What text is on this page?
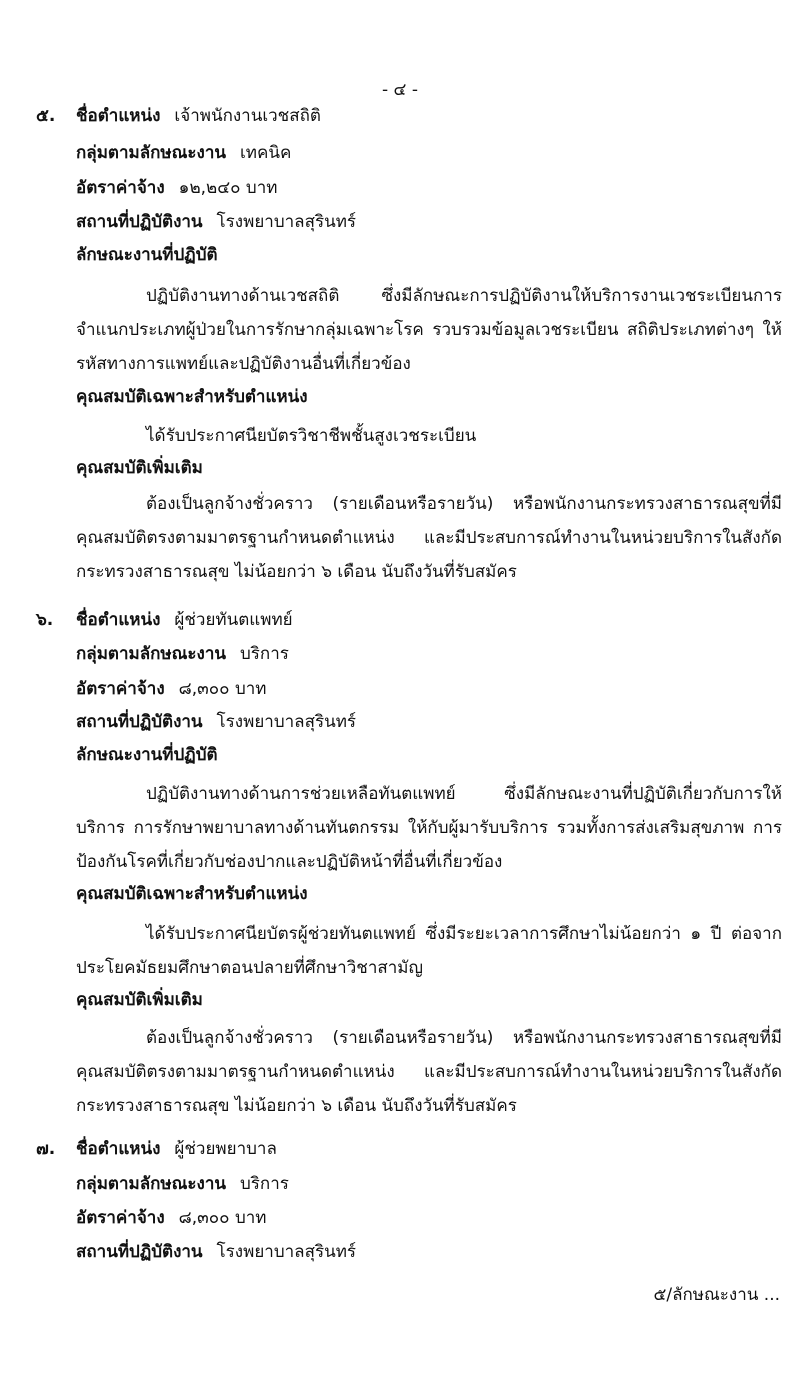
- ๔ -
๕. ชื่อตำแหน่ง เจ้าพนักงานเวชสถิติ
กลุ่มตามลักษณะงาน เทคนิค
อัตราค่าจ้าง ๑๒,๒๔๐ บาท
สถานที่ปฏิบัติงาน โรงพยาบาลสุรินทร์
ลักษณะงานที่ปฏิบัติ
ปฏิบัติงานทางด้านเวชสถิติ ซึ่งมีลักษณะการปฏิบัติงานให้บริการงานเวชระเบียนการจำแนกประเภทผู้ป่วยในการรักษากลุ่มเฉพาะโรค รวบรวมข้อมูลเวชระเบียน สถิติประเภทต่างๆ ให้รหัสทางการแพทย์และปฏิบัติงานอื่นที่เกี่ยวข้อง
คุณสมบัติเฉพาะสำหรับตำแหน่ง
ได้รับประกาศนียบัตรวิชาชีพชั้นสูงเวชระเบียน
คุณสมบัติเพิ่มเติม
ต้องเป็นลูกจ้างชั่วคราว (รายเดือนหรือรายวัน) หรือพนักงานกระทรวงสาธารณสุขที่มีคุณสมบัติตรงตามมาตรฐานกำหนดตำแหน่ง และมีประสบการณ์ทำงานในหน่วยบริการในสังกัดกระทรวงสาธารณสุข ไม่น้อยกว่า ๖ เดือน นับถึงวันที่รับสมัคร
๖. ชื่อตำแหน่ง ผู้ช่วยทันตแพทย์
กลุ่มตามลักษณะงาน บริการ
อัตราค่าจ้าง ๘,๓๐๐ บาท
สถานที่ปฏิบัติงาน โรงพยาบาลสุรินทร์
ลักษณะงานที่ปฏิบัติ
ปฏิบัติงานทางด้านการช่วยเหลือทันตแพทย์ ซึ่งมีลักษณะงานที่ปฏิบัติเกี่ยวกับการให้บริการ การรักษาพยาบาลทางด้านทันตกรรม ให้กับผู้มารับบริการ รวมทั้งการส่งเสริมสุขภาพ การป้องกันโรคที่เกี่ยวกับช่องปากและปฏิบัติหน้าที่อื่นที่เกี่ยวข้อง
คุณสมบัติเฉพาะสำหรับตำแหน่ง
ได้รับประกาศนียบัตรผู้ช่วยทันตแพทย์ ซึ่งมีระยะเวลาการศึกษาไม่น้อยกว่า ๑ ปี ต่อจากประโยคมัธยมศึกษาตอนปลายที่ศึกษาวิชาสามัญ
คุณสมบัติเพิ่มเติม
ต้องเป็นลูกจ้างชั่วคราว (รายเดือนหรือรายวัน) หรือพนักงานกระทรวงสาธารณสุขที่มีคุณสมบัติตรงตามมาตรฐานกำหนดตำแหน่ง และมีประสบการณ์ทำงานในหน่วยบริการในสังกัดกระทรวงสาธารณสุข ไม่น้อยกว่า ๖ เดือน นับถึงวันที่รับสมัคร
๗. ชื่อตำแหน่ง ผู้ช่วยพยาบาล
กลุ่มตามลักษณะงาน บริการ
อัตราค่าจ้าง ๘,๓๐๐ บาท
สถานที่ปฏิบัติงาน โรงพยาบาลสุรินทร์
๕/ลักษณะงาน ...
